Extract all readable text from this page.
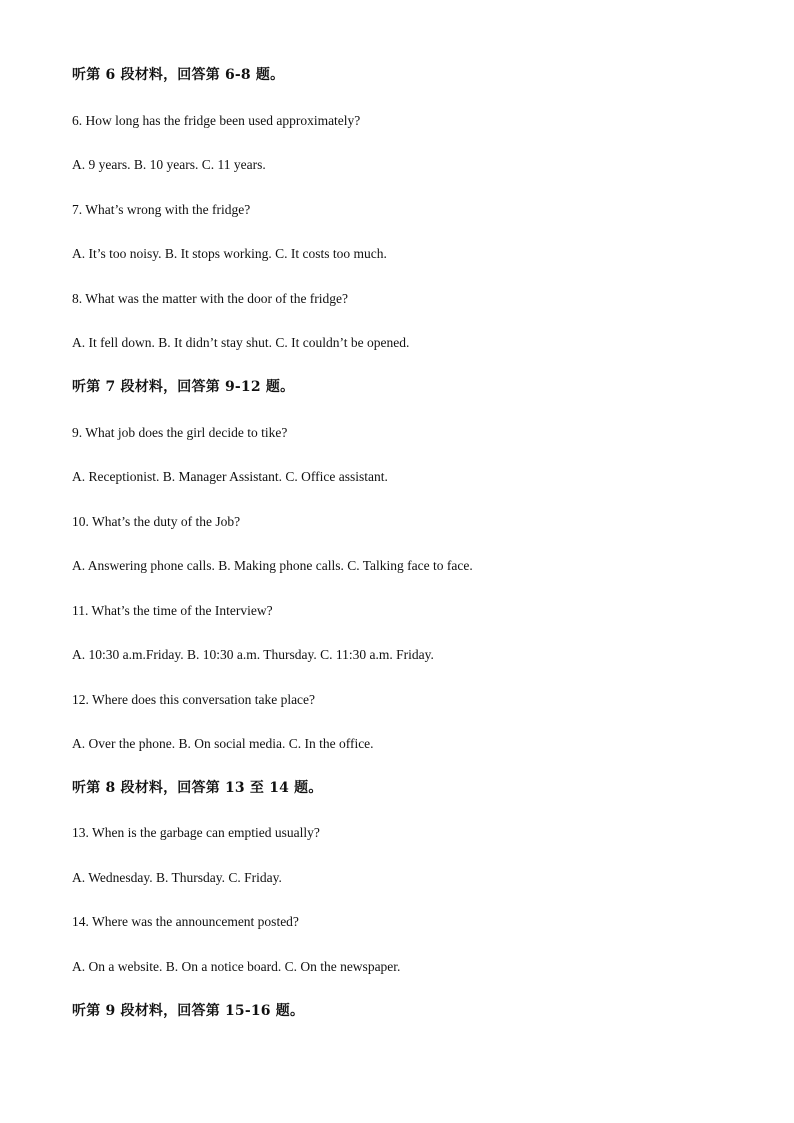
听第 6 段材料，回答第 6-8 题。
6. How long has the fridge been used approximately?
A. 9 years. B. 10 years. C. 11 years.
7. What’s wrong with the fridge?
A. It’s too noisy. B. It stops working. C. It costs too much.
8. What was the matter with the door of the fridge?
A. It fell down. B. It didn’t stay shut. C. It couldn’t be opened.
听第 7 段材料，回答第 9-12 题。
9. What job does the girl decide to tike?
A. Receptionist. B. Manager Assistant. C. Office assistant.
10. What’s the duty of the Job?
A. Answering phone calls. B. Making phone calls. C. Talking face to face.
11. What’s the time of the Interview?
A. 10:30 a.m.Friday. B. 10:30 a.m. Thursday. C. 11:30 a.m. Friday.
12. Where does this conversation take place?
A. Over the phone. B. On social media. C. In the office.
听第 8 段材料，回答第 13 至 14 题。
13. When is the garbage can emptied usually?
A. Wednesday. B. Thursday. C. Friday.
14. Where was the announcement posted?
A. On a website. B. On a notice board. C. On the newspaper.
听第 9 段材料，回答第 15-16 题。
